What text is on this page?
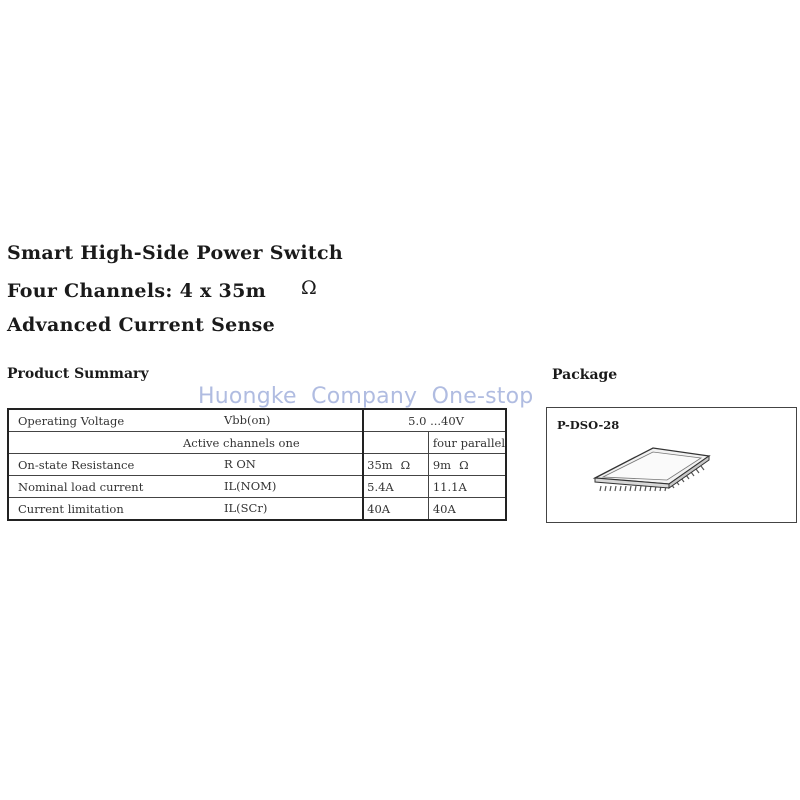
Smart High-Side Power Switch
Four Channels: 4 x 35m Ω
Advanced Current Sense
Product Summary	Package
Operating Voltage Vbb(on)	5.0 ...40V	
Active channels one		four parallel
On-state Resistance R ON	35m Ω	9m Ω
Nominal load current IL(NOM)	5.4A	11.1A
Current limitation IL(SCr)	40A	40A
P-DSO-28
Huongke  Company  One-stop
